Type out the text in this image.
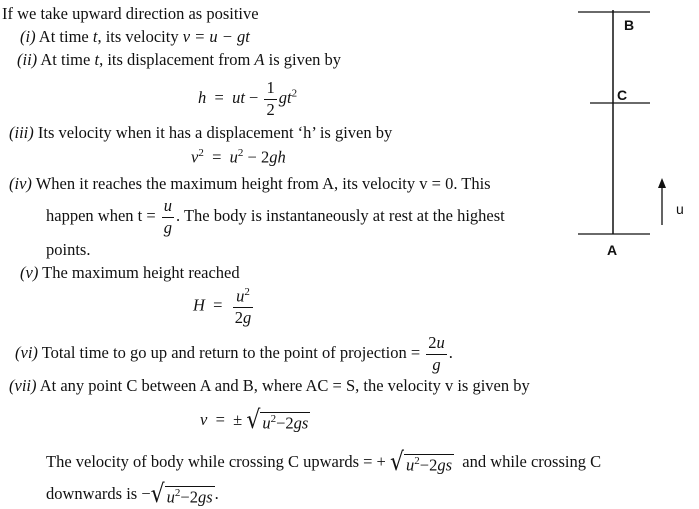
If we take upward direction as positive
(i) At time t, its velocity v = u − gt
(ii) At time t, its displacement from A is given by
h  =  ut − $\frac{1}{2} gt^2$
(iii) Its velocity when it has a displacement ‘h’ is given by
$v^2 = u^2 - 2gh$
(iv) When it reaches the maximum height from A, its velocity v = 0. This
happen when $t = \frac{u}{g}$ . The body is instantaneously at rest at the highest
points.
(v) The maximum height reached
$H = \frac{u^2}{2g}$
(vi) Total time to go up and return to the point of projection = $\frac{2u}{g}$ .
(vii) At any point C between A and B, where AC = S, the velocity v is given by
v  =  ± √ $u^2-2gs$
The velocity of body while crossing C upwards = + √ $u^2-2gs$ and while crossing C
downwards is − √ $u^2-2gs$ .
B
C
A
u
